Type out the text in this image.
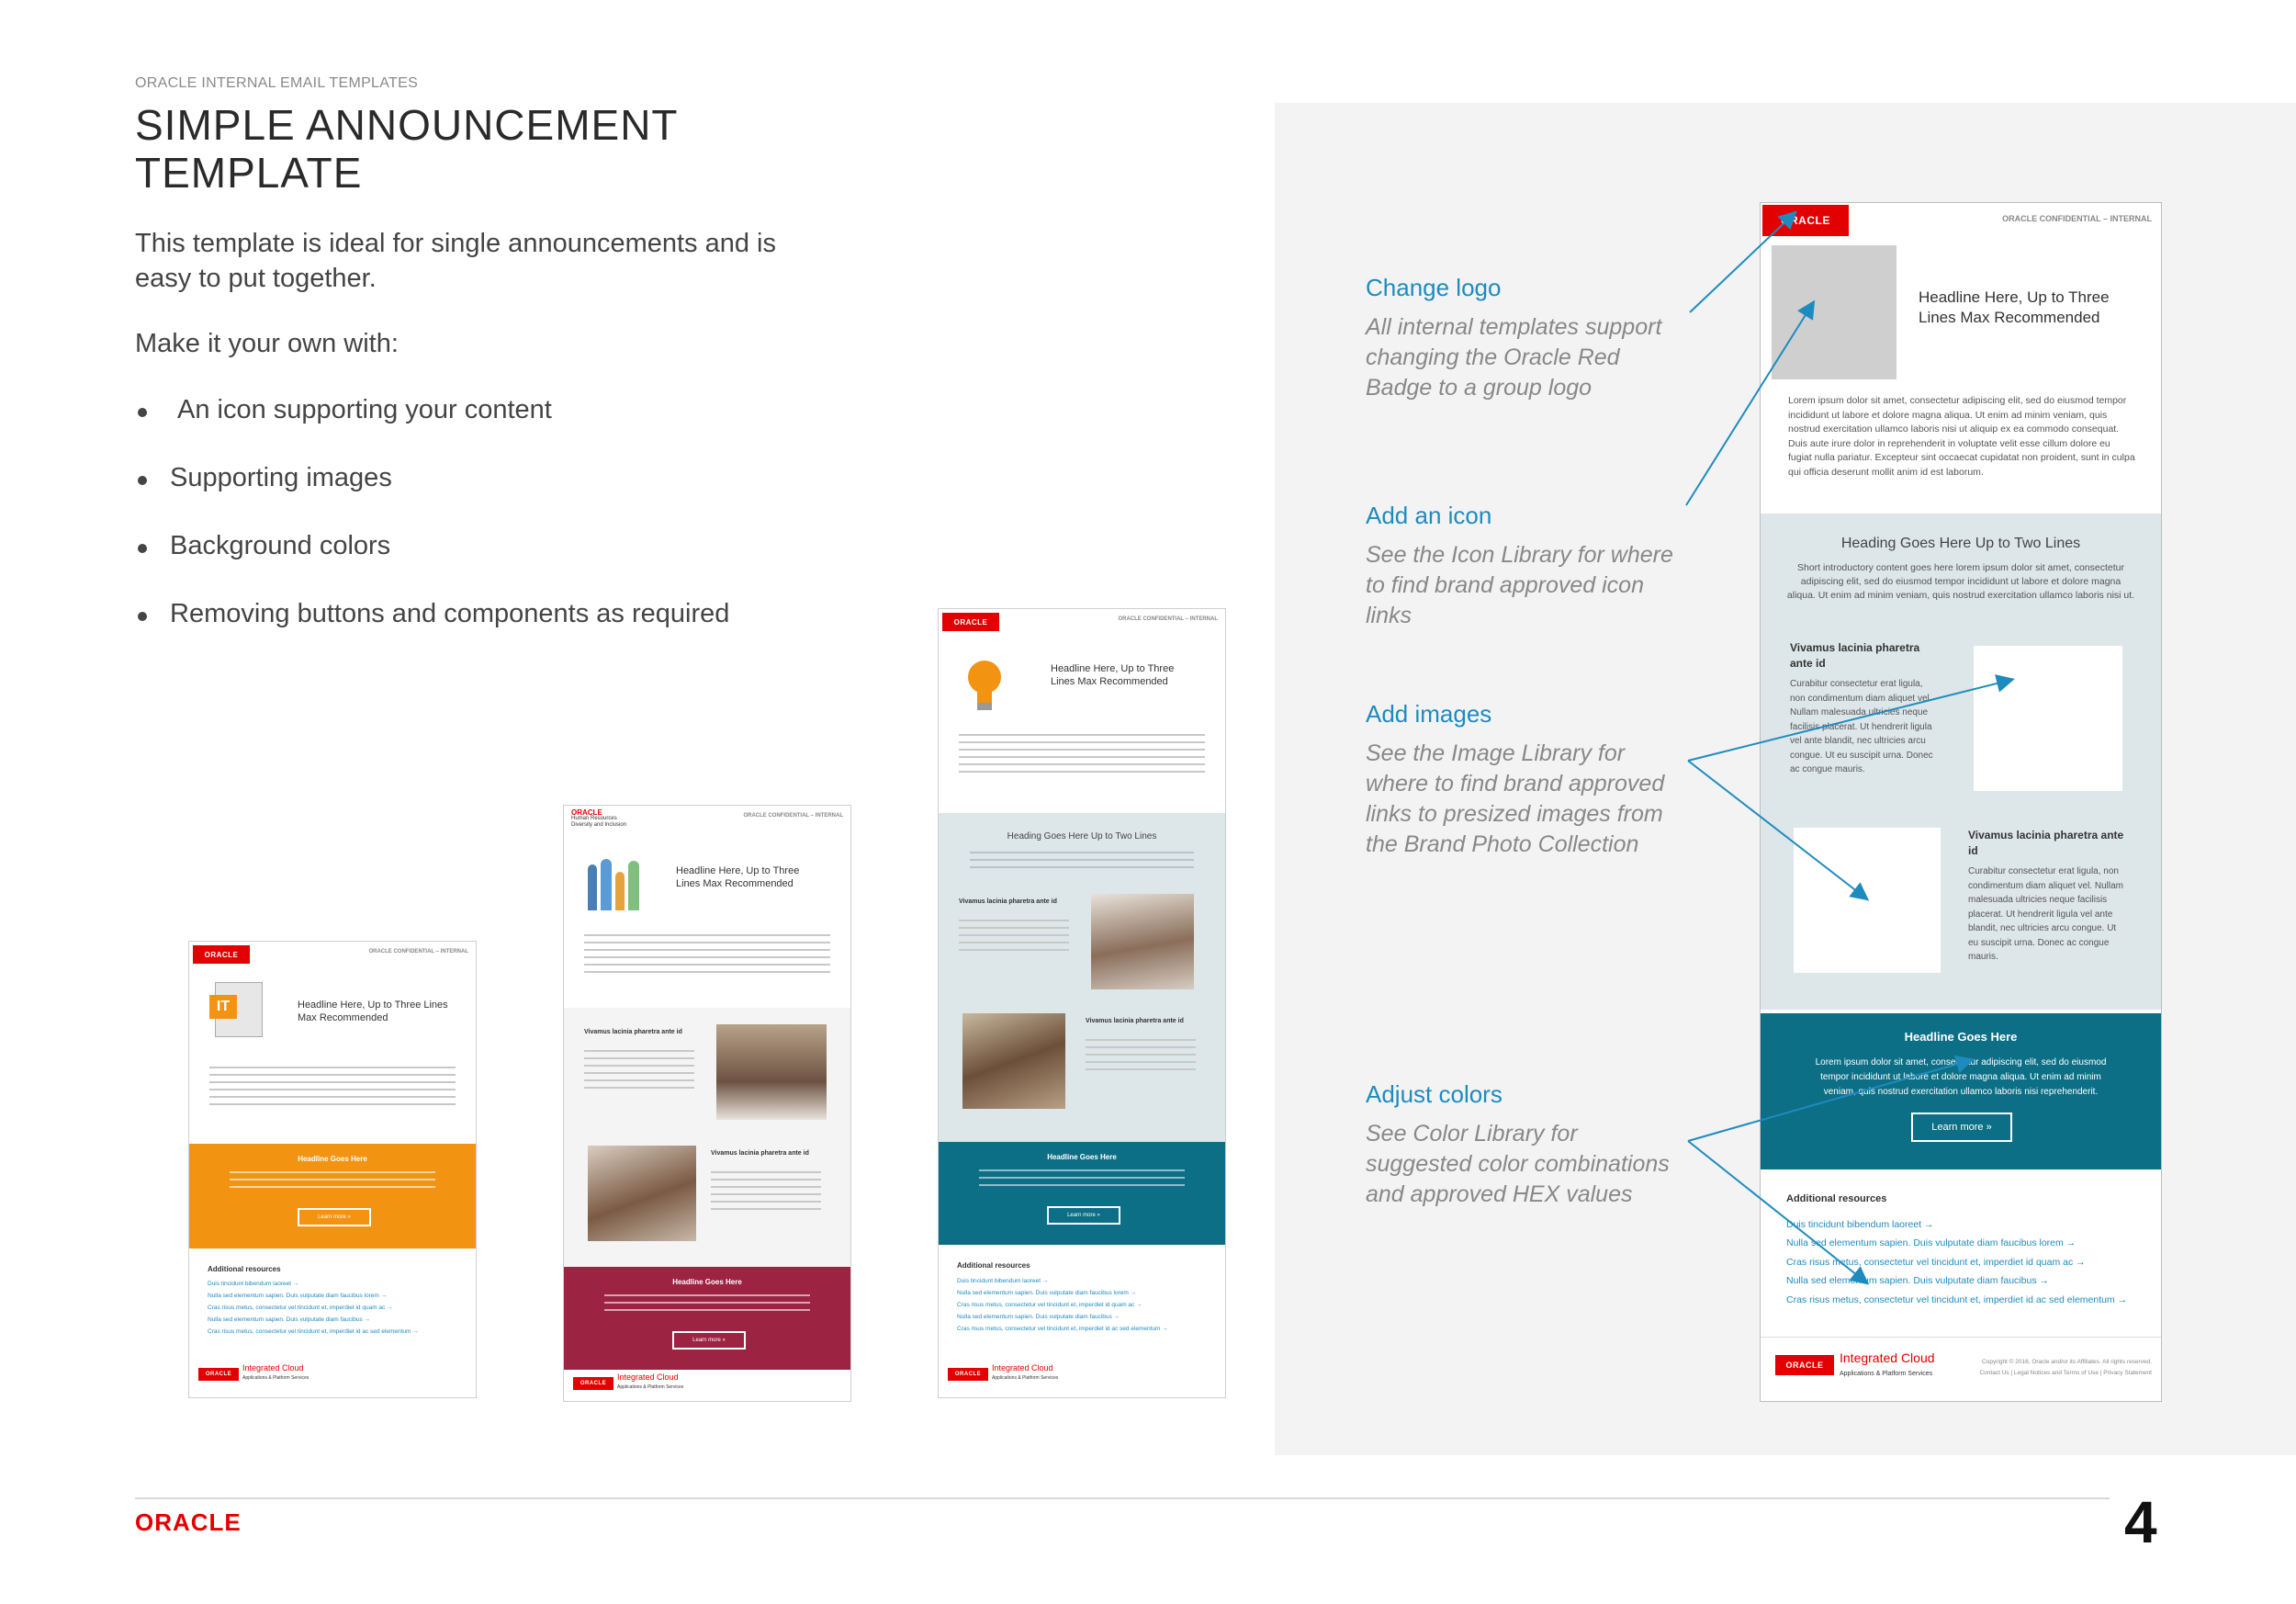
ORACLE INTERNAL EMAIL TEMPLATES
SIMPLE ANNOUNCEMENT
TEMPLATE
This template is ideal for single announcements and is easy to put together.
Make it your own with:
An icon supporting your content
Supporting images
Background colors
Removing buttons and components as required
ORACLE	ORACLE CONFIDENTIAL – INTERNAL
IT	Headline Here, Up to Three Lines Max Recommended
Headline Goes Here
Learn more »
Additional resources
Duis tincidunt bibendum laoreet →
Nulla sed elementum sapien. Duis vulputate diam faucibus lorem →
Cras risus metus, consectetur vel tincidunt et, imperdiet id quam ac →
Nulla sed elementum sapien. Duis vulputate diam faucibus →
Cras risus metus, consectetur vel tincidunt et, imperdiet id ac sed elementum →
ORACLE
Integrated Cloud
Applications & Platform Services
ORACLE
Human Resources
Diversity and Inclusion
ORACLE CONFIDENTIAL – INTERNAL
Headline Here, Up to Three Lines Max Recommended
Vivamus lacinia pharetra ante id
Vivamus lacinia pharetra ante id
Headline Goes Here
Learn more »
ORACLE
Integrated Cloud
Applications & Platform Services
ORACLE	ORACLE CONFIDENTIAL – INTERNAL
Headline Here, Up to Three Lines Max Recommended
Heading Goes Here Up to Two Lines
Vivamus lacinia pharetra ante id
Vivamus lacinia pharetra ante id
Headline Goes Here
Learn more »
Additional resources
Duis tincidunt bibendum laoreet →
Nulla sed elementum sapien. Duis vulputate diam faucibus lorem →
Cras risus metus, consectetur vel tincidunt et, imperdiet id quam ac →
Nulla sed elementum sapien. Duis vulputate diam faucibus →
Cras risus metus, consectetur vel tincidunt et, imperdiet id ac sed elementum →
ORACLE
Integrated Cloud
Applications & Platform Services
Change logo
All internal templates support changing the Oracle Red Badge to a group logo
Add an icon
See the Icon Library for where to find brand approved icon links
Add images
See the Image Library for where to find brand approved links to presized images from the Brand Photo Collection
Adjust colors
See Color Library for suggested color combinations and approved HEX values
ORACLE	ORACLE CONFIDENTIAL – INTERNAL
Headline Here, Up to Three Lines Max Recommended
Lorem ipsum dolor sit amet, consectetur adipiscing elit, sed do eiusmod tempor incididunt ut labore et dolore magna aliqua. Ut enim ad minim veniam, quis nostrud exercitation ullamco laboris nisi ut aliquip ex ea commodo consequat. Duis aute irure dolor in reprehenderit in voluptate velit esse cillum dolore eu fugiat nulla pariatur. Excepteur sint occaecat cupidatat non proident, sunt in culpa qui officia deserunt mollit anim id est laborum.
Heading Goes Here Up to Two Lines
Short introductory content goes here lorem ipsum dolor sit amet, consectetur adipiscing elit, sed do eiusmod tempor incididunt ut labore et dolore magna aliqua. Ut enim ad minim veniam, quis nostrud exercitation ullamco laboris nisi ut.
Vivamus lacinia pharetra ante id
Curabitur consectetur erat ligula, non condimentum diam aliquet vel. Nullam malesuada ultricies neque facilisis placerat. Ut hendrerit ligula vel ante blandit, nec ultricies arcu congue. Ut eu suscipit urna. Donec ac congue mauris.
Vivamus lacinia pharetra ante id
Curabitur consectetur erat ligula, non condimentum diam aliquet vel. Nullam malesuada ultricies neque facilisis placerat. Ut hendrerit ligula vel ante blandit, nec ultricies arcu congue. Ut eu suscipit urna. Donec ac congue mauris.
Headline Goes Here
Lorem ipsum dolor sit amet, consectetur adipiscing elit, sed do eiusmod tempor incididunt ut labore et dolore magna aliqua. Ut enim ad minim veniam, quis nostrud exercitation ullamco laboris nisi reprehenderit.
Learn more »
Additional resources
Duis tincidunt bibendum laoreet →
Nulla sed elementum sapien. Duis vulputate diam faucibus lorem →
Cras risus metus, consectetur vel tincidunt et, imperdiet id quam ac →
Nulla sed elementum sapien. Duis vulputate diam faucibus →
Cras risus metus, consectetur vel tincidunt et, imperdiet id ac sed elementum →
ORACLE	Integrated Cloud
Applications & Platform Services
Copyright © 2016, Oracle and/or its Affiliates. All rights reserved.
Contact Us | Legal Notices and Terms of Use | Privacy Statement
ORACLE	4
